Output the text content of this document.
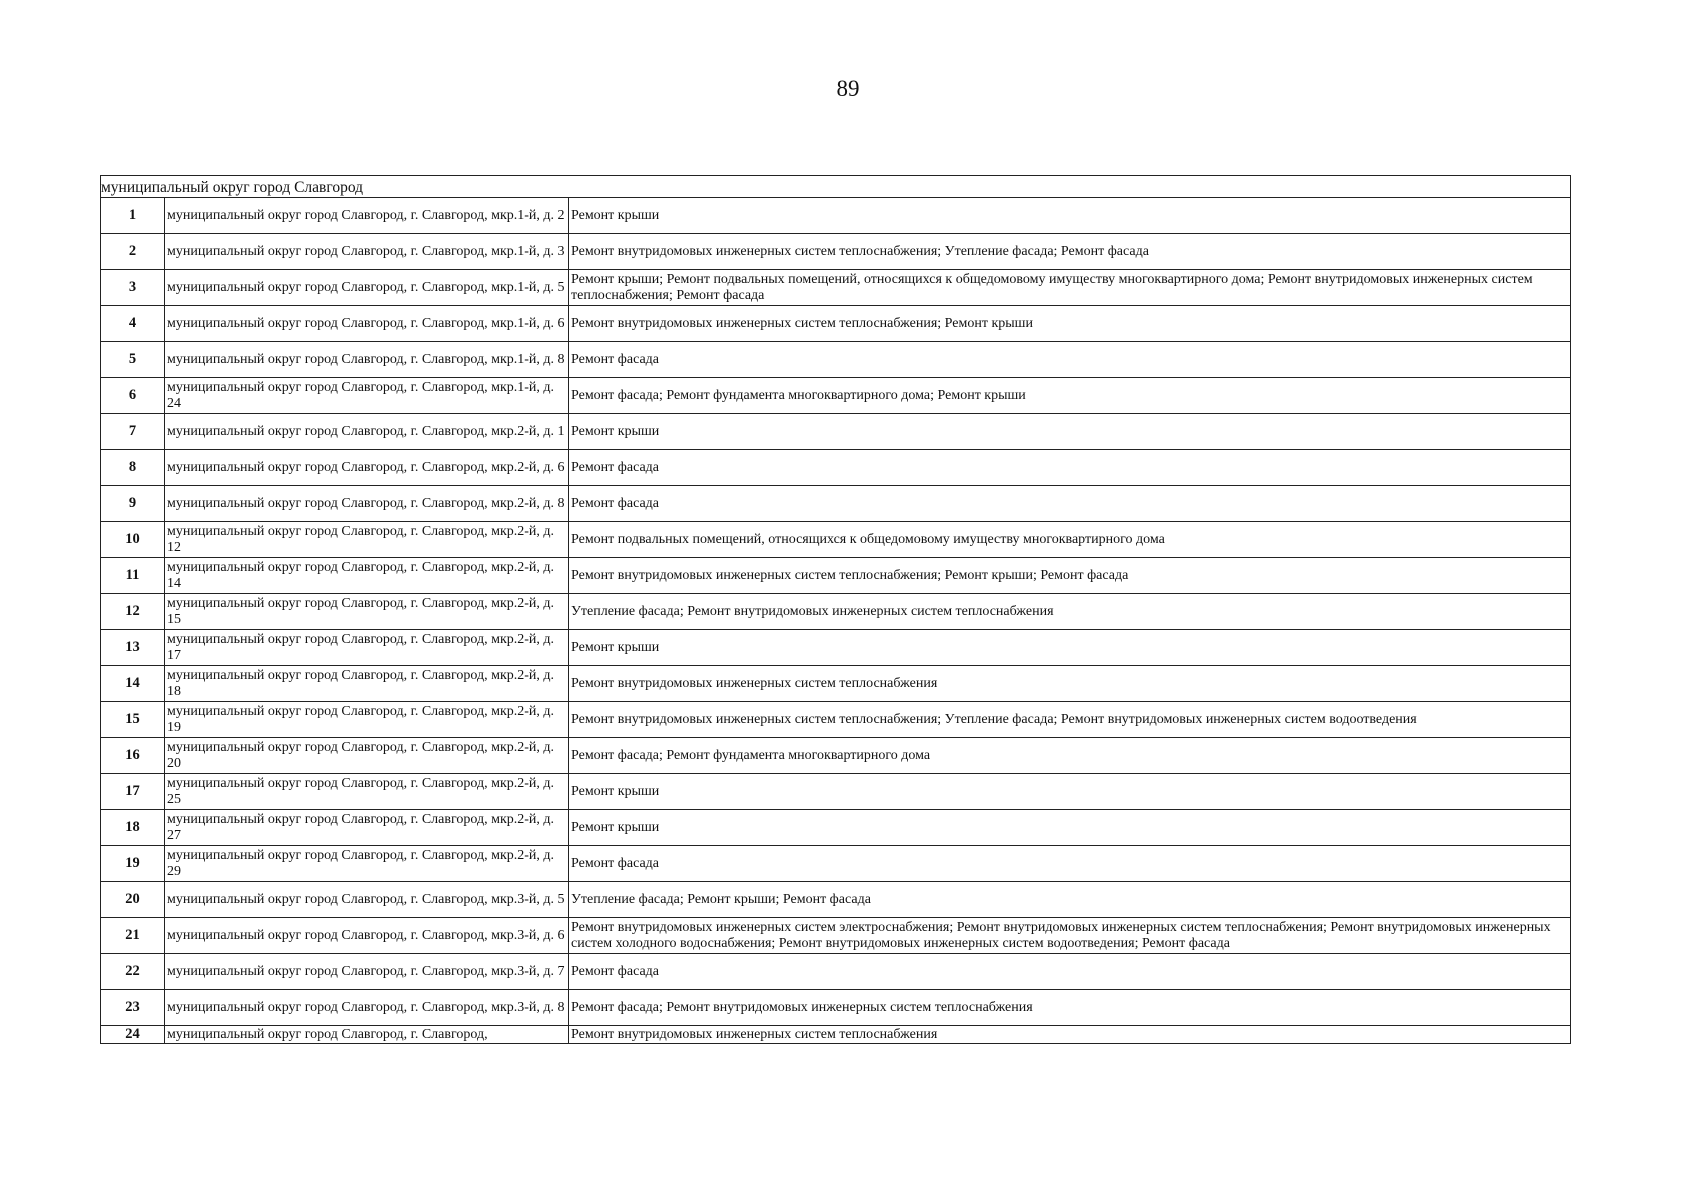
89
муниципальный округ город Славгород		
1	муниципальный округ город Славгород, г. Славгород, мкр.1-й, д. 2	Ремонт крыши
2	муниципальный округ город Славгород, г. Славгород, мкр.1-й, д. 3	Ремонт внутридомовых инженерных систем теплоснабжения; Утепление фасада; Ремонт фасада
3	муниципальный округ город Славгород, г. Славгород, мкр.1-й, д. 5	Ремонт крыши; Ремонт подвальных помещений, относящихся к общедомовому имуществу многоквартирного дома; Ремонт внутридомовых инженерных систем теплоснабжения; Ремонт фасада
4	муниципальный округ город Славгород, г. Славгород, мкр.1-й, д. 6	Ремонт внутридомовых инженерных систем теплоснабжения; Ремонт крыши
5	муниципальный округ город Славгород, г. Славгород, мкр.1-й, д. 8	Ремонт фасада
6	муниципальный округ город Славгород, г. Славгород, мкр.1-й, д. 24	Ремонт фасада; Ремонт фундамента многоквартирного дома; Ремонт крыши
7	муниципальный округ город Славгород, г. Славгород, мкр.2-й, д. 1	Ремонт крыши
8	муниципальный округ город Славгород, г. Славгород, мкр.2-й, д. 6	Ремонт фасада
9	муниципальный округ город Славгород, г. Славгород, мкр.2-й, д. 8	Ремонт фасада
10	муниципальный округ город Славгород, г. Славгород, мкр.2-й, д. 12	Ремонт подвальных помещений, относящихся к общедомовому имуществу многоквартирного дома
11	муниципальный округ город Славгород, г. Славгород, мкр.2-й, д. 14	Ремонт внутридомовых инженерных систем теплоснабжения; Ремонт крыши; Ремонт фасада
12	муниципальный округ город Славгород, г. Славгород, мкр.2-й, д. 15	Утепление фасада; Ремонт внутридомовых инженерных систем теплоснабжения
13	муниципальный округ город Славгород, г. Славгород, мкр.2-й, д. 17	Ремонт крыши
14	муниципальный округ город Славгород, г. Славгород, мкр.2-й, д. 18	Ремонт внутридомовых инженерных систем теплоснабжения
15	муниципальный округ город Славгород, г. Славгород, мкр.2-й, д. 19	Ремонт внутридомовых инженерных систем теплоснабжения; Утепление фасада; Ремонт внутридомовых инженерных систем водоотведения
16	муниципальный округ город Славгород, г. Славгород, мкр.2-й, д. 20	Ремонт фасада; Ремонт фундамента многоквартирного дома
17	муниципальный округ город Славгород, г. Славгород, мкр.2-й, д. 25	Ремонт крыши
18	муниципальный округ город Славгород, г. Славгород, мкр.2-й, д. 27	Ремонт крыши
19	муниципальный округ город Славгород, г. Славгород, мкр.2-й, д. 29	Ремонт фасада
20	муниципальный округ город Славгород, г. Славгород, мкр.3-й, д. 5	Утепление фасада; Ремонт крыши; Ремонт фасада
21	муниципальный округ город Славгород, г. Славгород, мкр.3-й, д. 6	Ремонт внутридомовых инженерных систем электроснабжения; Ремонт внутридомовых инженерных систем теплоснабжения; Ремонт внутридомовых инженерных систем холодного водоснабжения; Ремонт внутридомовых инженерных систем водоотведения; Ремонт фасада
22	муниципальный округ город Славгород, г. Славгород, мкр.3-й, д. 7	Ремонт фасада
23	муниципальный округ город Славгород, г. Славгород, мкр.3-й, д. 8	Ремонт фасада; Ремонт внутридомовых инженерных систем теплоснабжения
24	муниципальный округ город Славгород, г. Славгород,	Ремонт внутридомовых инженерных систем теплоснабжения
